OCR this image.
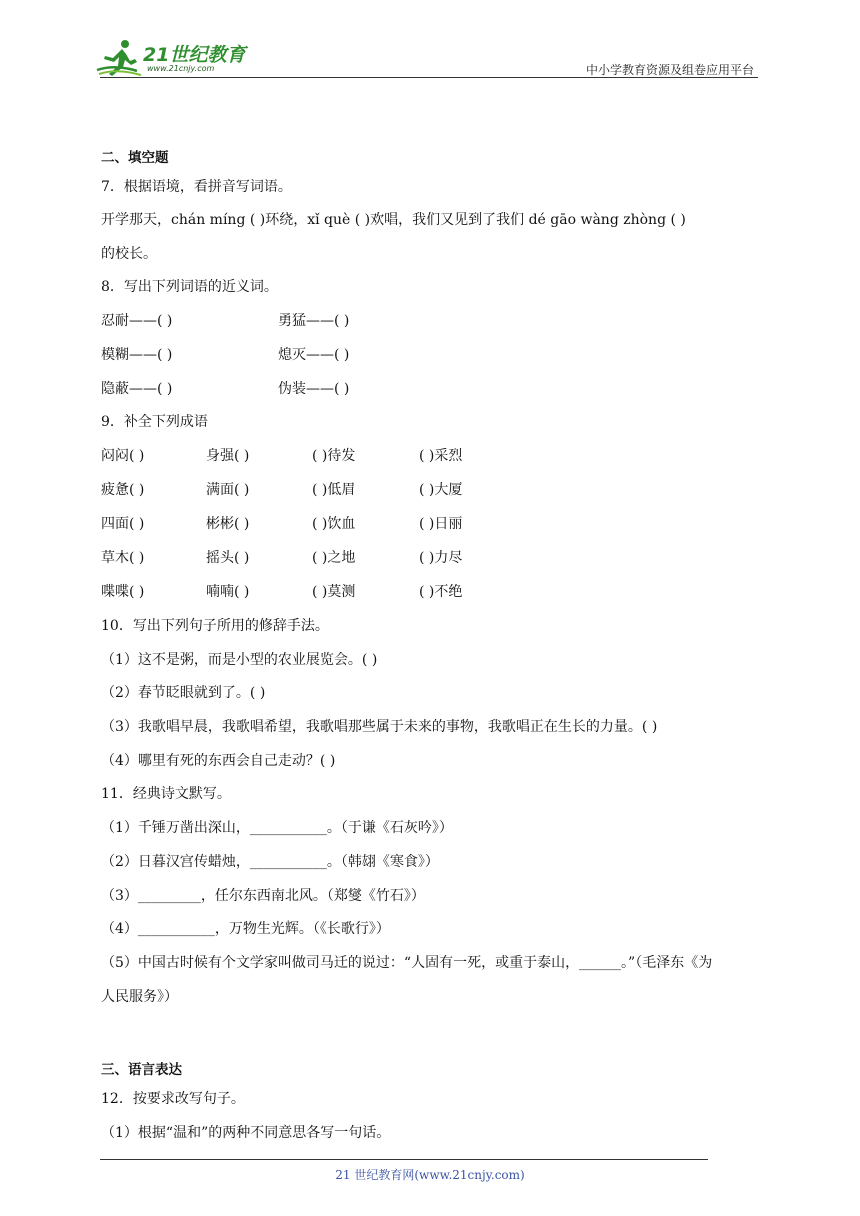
21世纪教育
www.21cnjy.com	中小学教育资源及组卷应用平台
二、填空题
7．根据语境，看拼音写词语。
开学那天，chán míng ( )环绕，xǐ què ( )欢唱，我们又见到了我们 dé gāo wàng zhòng ( )
的校长。
8．写出下列词语的近义词。
忍耐——( )	勇猛——( )
模糊——( )	熄灭——( )
隐蔽——( )	伪装——( )
9．补全下列成语
闷闷( )	身强( )	( )待发	( )采烈
疲惫( )	满面( )	( )低眉	( )大厦
四面( )	彬彬( )	( )饮血	( )日丽
草木( )	摇头( )	( )之地	( )力尽
喋喋( )	喃喃( )	( )莫测	( )不绝
10．写出下列句子所用的修辞手法。
（1）这不是粥，而是小型的农业展览会。( )
（2）春节眨眼就到了。( )
（3）我歌唱早晨，我歌唱希望，我歌唱那些属于未来的事物，我歌唱正在生长的力量。( )
（4）哪里有死的东西会自己走动？( )
11．经典诗文默写。
（1）千锤万凿出深山，___________。（于谦《石灰吟》）
（2）日暮汉宫传蜡烛，___________。（韩翃《寒食》）
（3）_________，任尔东西南北风。（郑燮《竹石》）
（4）___________，万物生光辉。（《长歌行》）
（5）中国古时候有个文学家叫做司马迁的说过：“人固有一死，或重于泰山，______。”（毛泽东《为
人民服务》）
三、语言表达
12．按要求改写句子。
（1）根据“温和”的两种不同意思各写一句话。
21 世纪教育网(www.21cnjy.com)
